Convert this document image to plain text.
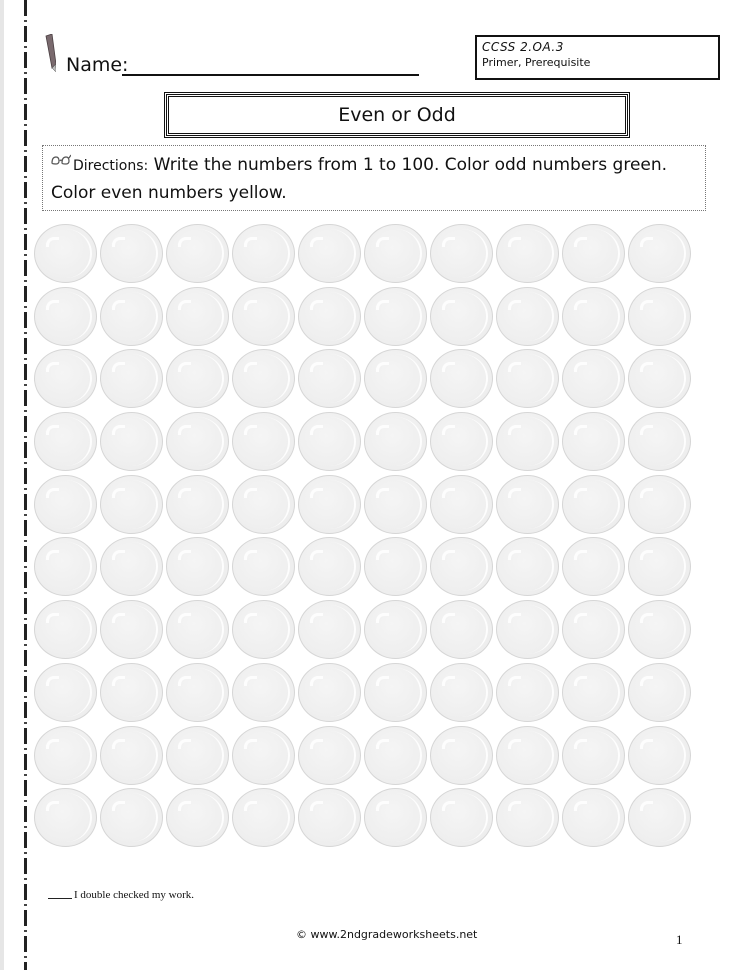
Name:
CCSS 2.OA.3
Primer, Prerequisite
Even or Odd
Directions: Write the numbers from 1 to 100. Color odd numbers green. Color even numbers yellow.
I double checked my work.
© www.2ndgradeworksheets.net	1
